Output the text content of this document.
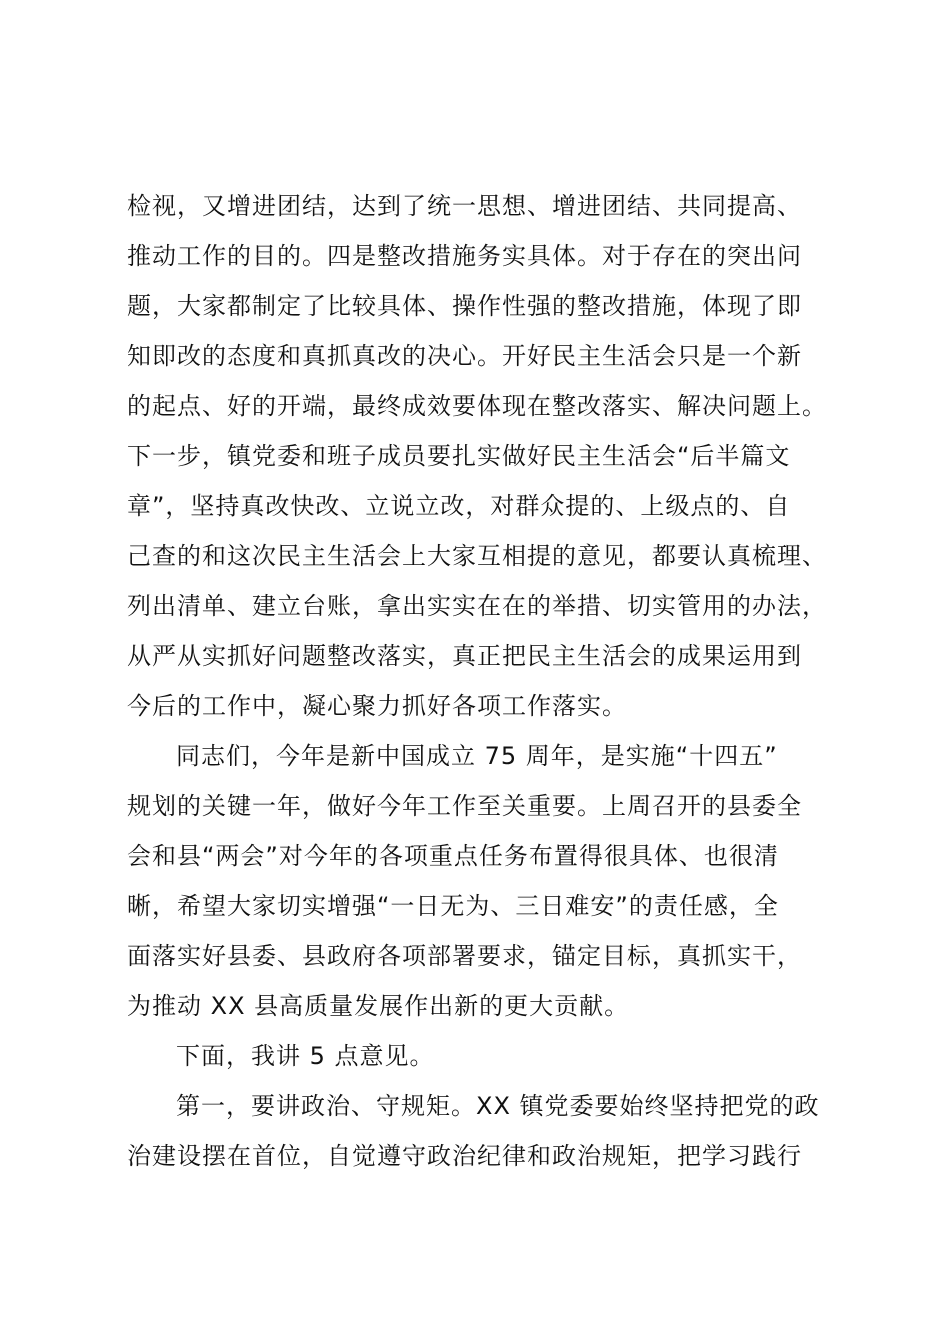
检视，又增进团结，达到了统一思想、增进团结、共同提高、
推动工作的目的。四是整改措施务实具体。对于存在的突出问
题，大家都制定了比较具体、操作性强的整改措施，体现了即
知即改的态度和真抓真改的决心。开好民主生活会只是一个新
的起点、好的开端，最终成效要体现在整改落实、解决问题上。
下一步，镇党委和班子成员要扎实做好民主生活会“后半篇文
章”，坚持真改快改、立说立改，对群众提的、上级点的、自
己查的和这次民主生活会上大家互相提的意见，都要认真梳理、
列出清单、建立台账，拿出实实在在的举措、切实管用的办法，
从严从实抓好问题整改落实，真正把民主生活会的成果运用到
今后的工作中，凝心聚力抓好各项工作落实。
同志们，今年是新中国成立 75 周年，是实施“十四五”
规划的关键一年，做好今年工作至关重要。上周召开的县委全
会和县“两会”对今年的各项重点任务布置得很具体、也很清
晰，希望大家切实增强“一日无为、三日难安”的责任感，全
面落实好县委、县政府各项部署要求，锚定目标，真抓实干，
为推动 XX 县高质量发展作出新的更大贡献。
下面，我讲 5 点意见。
第一，要讲政治、守规矩。XX 镇党委要始终坚持把党的政
治建设摆在首位，自觉遵守政治纪律和政治规矩，把学习践行
